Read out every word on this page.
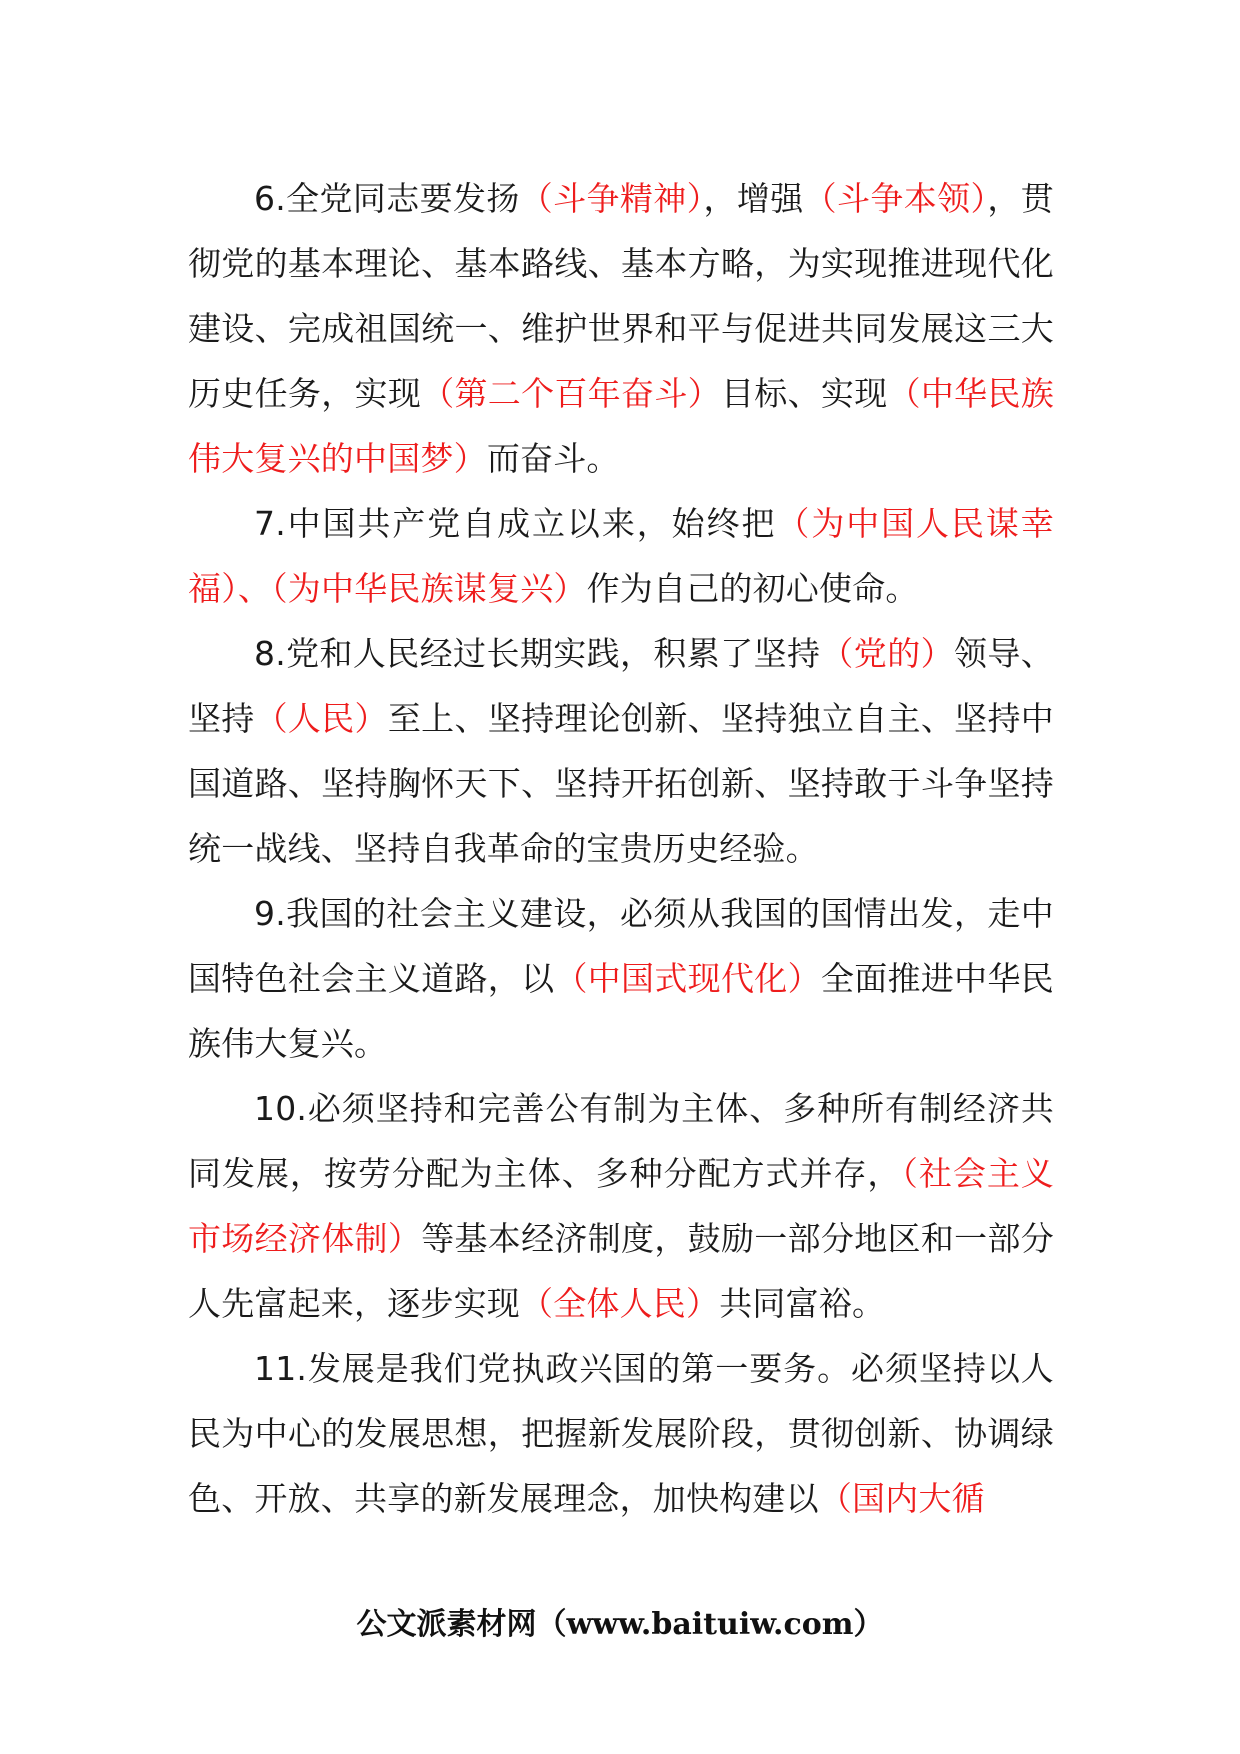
6.全党同志要发扬（斗争精神），增强（斗争本领），贯彻党的基本理论、基本路线、基本方略，为实现推进现代化建设、完成祖国统一、维护世界和平与促进共同发展这三大历史任务，实现（第二个百年奋斗）目标、实现（中华民族伟大复兴的中国梦）而奋斗。

7.中国共产党自成立以来，始终把（为中国人民谋幸福）、（为中华民族谋复兴）作为自己的初心使命。

8.党和人民经过长期实践，积累了坚持（党的）领导、坚持（人民）至上、坚持理论创新、坚持独立自主、坚持中国道路、坚持胸怀天下、坚持开拓创新、坚持敢于斗争坚持统一战线、坚持自我革命的宝贵历史经验。

9.我国的社会主义建设，必须从我国的国情出发，走中国特色社会主义道路，以（中国式现代化）全面推进中华民族伟大复兴。

10.必须坚持和完善公有制为主体、多种所有制经济共同发展，按劳分配为主体、多种分配方式并存，（社会主义市场经济体制）等基本经济制度，鼓励一部分地区和一部分人先富起来，逐步实现（全体人民）共同富裕。

11.发展是我们党执政兴国的第一要务。必须坚持以人民为中心的发展思想，把握新发展阶段，贯彻创新、协调绿色、开放、共享的新发展理念，加快构建以（国内大循

公文派素材网（www.baituiw.com）
